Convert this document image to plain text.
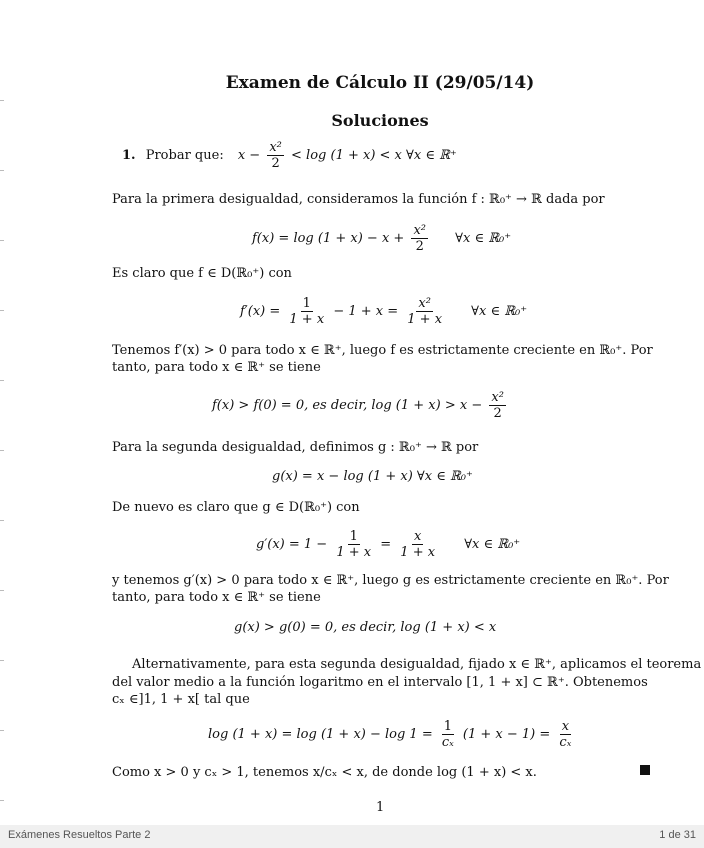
Examen de Cálculo II (29/05/14)
Soluciones
1. Probar que: $x - \frac{\text{x²}}{2} < \log (1 + x) < x$ ∀x ∈ ℝ⁺
Para la primera desigualdad, consideramos la función f : ℝ₀⁺ → ℝ dada por
$f(x) = \log (1 + x) - x + \frac{\text{x²}}{2}$ ∀x ∈ ℝ₀⁺
Es claro que f ∈ D(ℝ₀⁺) con
$f'(x) = \frac{1}{1 + x} - 1 + x = \frac{\text{x²}}{1 + x}$ ∀x ∈ ℝ₀⁺
Tenemos f′(x) > 0 para todo x ∈ ℝ⁺, luego f es estrictamente creciente en ℝ₀⁺. Por
tanto, para todo x ∈ ℝ⁺ se tiene
f(x) > f(0) = 0, es decir, $\log (1 + x) > x - \frac{\text{x²}}{2}$
Para la segunda desigualdad, definimos g : ℝ₀⁺ → ℝ por
g(x) = x − log (1 + x) ∀x ∈ ℝ₀⁺
De nuevo es claro que g ∈ D(ℝ₀⁺) con
$g'(x) = 1 - \frac{1}{1 + x} = \frac{x}{1 + x}$ ∀x ∈ ℝ₀⁺
y tenemos g′(x) > 0 para todo x ∈ ℝ⁺, luego g es estrictamente creciente en ℝ₀⁺. Por
tanto, para todo x ∈ ℝ⁺ se tiene
g(x) > g(0) = 0, es decir, log (1 + x) < x
Alternativamente, para esta segunda desigualdad, fijado x ∈ ℝ⁺, aplicamos el teorema
del valor medio a la función logaritmo en el intervalo [1, 1 + x] ⊂ ℝ⁺. Obtenemos
cₓ ∈]1, 1 + x[ tal que
$\log (1 + x) = \log (1 + x) - \log 1 = \frac{1}{\text{cₓ}} (1 + x - 1) = \frac{x}{\text{cₓ}}$
Como x > 0 y cₓ > 1, tenemos x/cₓ < x, de donde log (1 + x) < x.
1
Exámenes Resueltos Parte 2	1 de 31
